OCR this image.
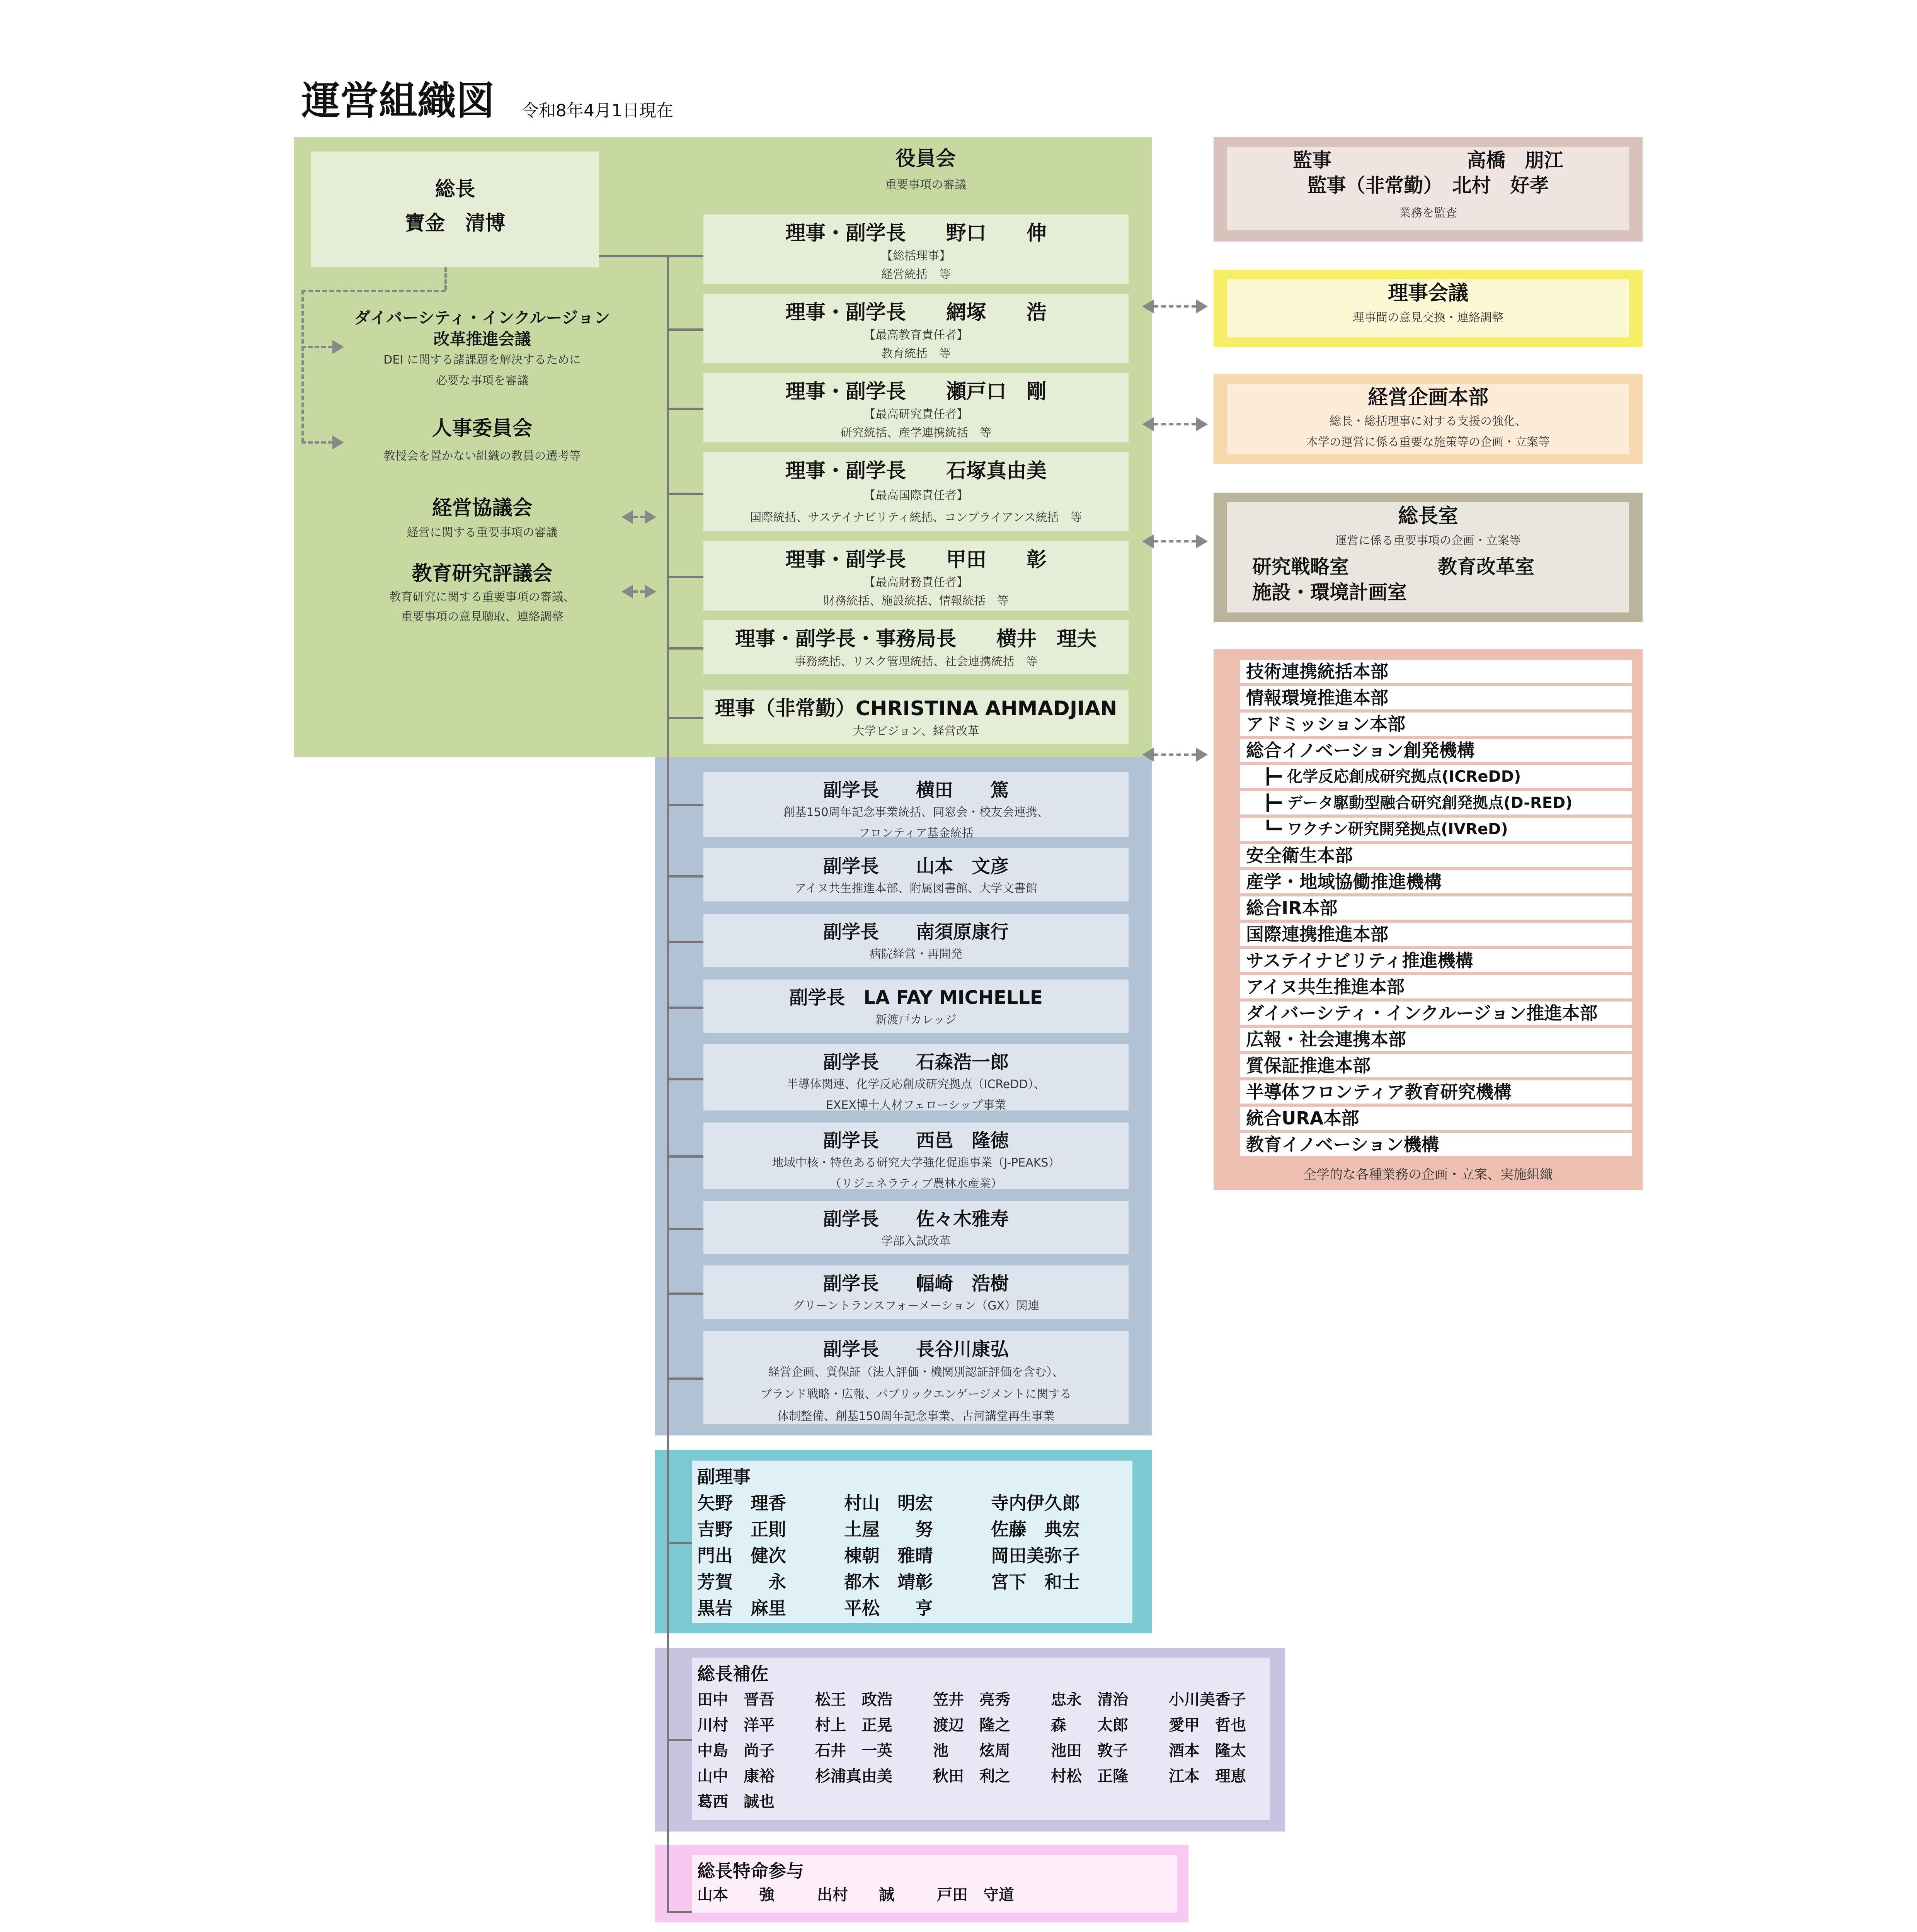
運営組織図 令和8年4月1日現在
総長
寶金　清博
役員会
重要事項の審議
理事・副学長　　野口　　伸
【総括理事】
経営統括　等
理事・副学長　　網塚　　浩
【最高教育責任者】
教育統括　等
理事・副学長　　瀬戸口　剛
【最高研究責任者】
研究統括、産学連携統括　等
理事・副学長　　石塚真由美
【最高国際責任者】
国際統括、サステイナビリティ統括、コンプライアンス統括　等
理事・副学長　　甲田　　彰
【最高財務責任者】
財務統括、施設統括、情報統括　等
理事・副学長・事務局長　　横井　理夫
事務統括、リスク管理統括、社会連携統括　等
理事（非常勤）CHRISTINA AHMADJIAN
大学ビジョン、経営改革
ダイバーシティ・インクルージョン
改革推進会議
DEI に関する諸課題を解決するために
必要な事項を審議
人事委員会
教授会を置かない組織の教員の選考等
経営協議会
経営に関する重要事項の審議
教育研究評議会
教育研究に関する重要事項の審議、
重要事項の意見聴取、連絡調整
副学長　　横田　　篤
創基150周年記念事業統括、同窓会・校友会連携、
フロンティア基金統括
副学長　　山本　文彦
アイヌ共生推進本部、附属図書館、大学文書館
副学長　　南須原康行
病院経営・再開発
副学長　LA FAY MICHELLE
新渡戸カレッジ
副学長　　石森浩一郎
半導体関連、化学反応創成研究拠点（ICReDD）、
EXEX博士人材フェローシップ事業
副学長　　西邑　隆徳
地域中核・特色ある研究大学強化促進事業（J-PEAKS）
（リジェネラティブ農林水産業）
副学長　　佐々木雅寿
学部入試改革
副学長　　幅崎　浩樹
グリーントランスフォーメーション（GX）関連
副学長　　長谷川康弘
経営企画、質保証（法人評価・機関別認証評価を含む）、
ブランド戦略・広報、パブリックエンゲージメントに関する
体制整備、創基150周年記念事業、古河講堂再生事業
副理事
矢野　理香	村山　明宏	寺内伊久郎
吉野　正則	土屋　　努	佐藤　典宏
門出　健次	棟朝　雅晴	岡田美弥子
芳賀　　永	都木　靖彰	宮下　和士
黒岩　麻里	平松　　亨
総長補佐
田中　晋吾	松王　政浩	笠井　亮秀	忠永　清治	小川美香子
川村　洋平	村上　正晃	渡辺　隆之	森　　太郎	愛甲　哲也
中島　尚子	石井　一英	池　　炫周	池田　敦子	酒本　隆太
山中　康裕	杉浦真由美	秋田　利之	村松　正隆	江本　理恵
葛西　誠也
総長特命参与
山本　　強	出村　　誠	戸田　守道
監事　　　　　　　高橋　朋江
監事（非常勤）　北村　好孝
業務を監査
理事会議
理事間の意見交換・連絡調整
経営企画本部
総長・総括理事に対する支援の強化、
本学の運営に係る重要な施策等の企画・立案等
総長室
運営に係る重要事項の企画・立案等
研究戦略室	教育改革室
施設・環境計画室
技術連携統括本部
情報環境推進本部
アドミッション本部
総合イノベーション創発機構
┣━ 化学反応創成研究拠点(ICReDD)
┣━ データ駆動型融合研究創発拠点(D-RED)
┗━ ワクチン研究開発拠点(IVReD)
安全衛生本部
産学・地域協働推進機構
総合IR本部
国際連携推進本部
サステイナビリティ推進機構
アイヌ共生推進本部
ダイバーシティ・インクルージョン推進本部
広報・社会連携本部
質保証推進本部
半導体フロンティア教育研究機構
統合URA本部
教育イノベーション機構
全学的な各種業務の企画・立案、実施組織
